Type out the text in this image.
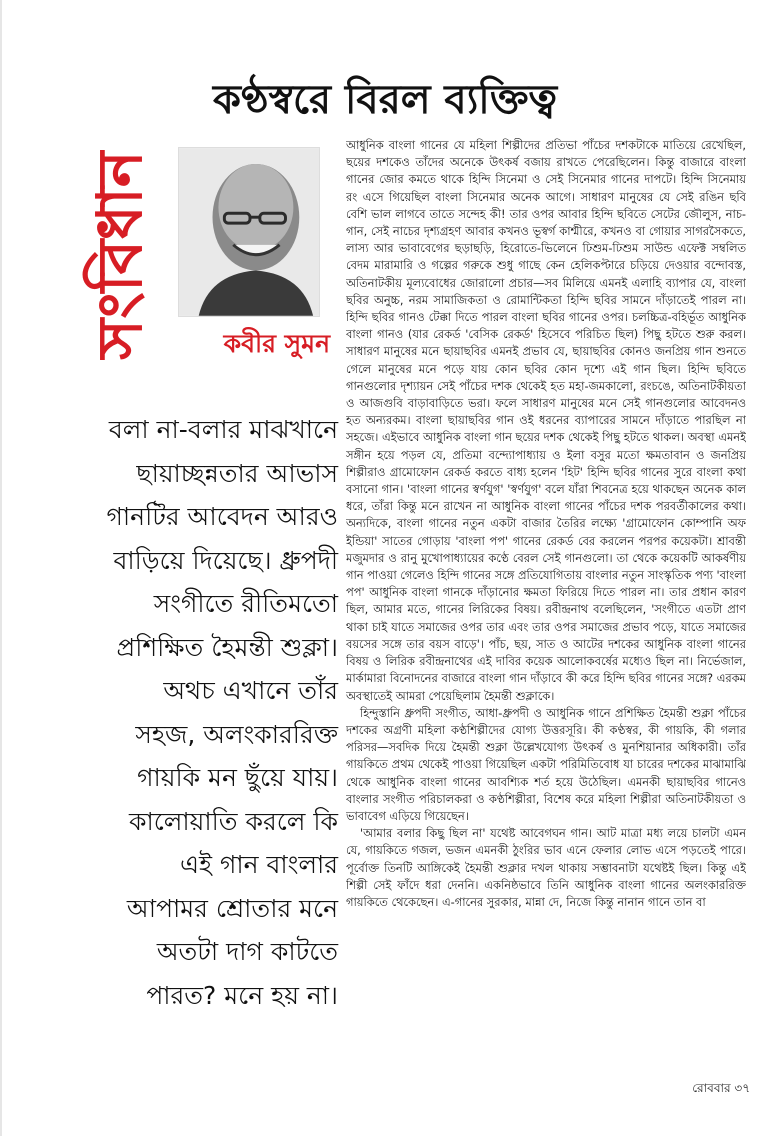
কণ্ঠস্বরে বিরল ব্যক্তিত্ব
সংবিধান	কবীর সুমন

বলা না-বলার মাঝখানে

ছায়াচ্ছন্নতার আভাস

গানটির আবেদন আরও

বাড়িয়ে দিয়েছে। ধ্রুপদী

সংগীতে রীতিমতো

প্রশিক্ষিত হৈমন্তী শুক্লা।

অথচ এখানে তাঁর

সহজ, অলংকাররিক্ত

গায়কি মন ছুঁয়ে যায়।

কালোয়াতি করলে কি

এই গান বাংলার

আপামর শ্রোতার মনে

অতটা দাগ কাটতে

পারত? মনে হয় না।

আধুনিক বাংলা গানের যে মহিলা শিল্পীদের প্রতিভা পাঁচের দশকটাকে মাতিয়ে রেখেছিল, ছয়ের দশকেও তাঁদের অনেকে উৎকর্ষ বজায় রাখতে পেরেছিলেন। কিন্তু বাজারে বাংলা গানের জোর কমতে থাকে হিন্দি সিনেমা ও সেই সিনেমার গানের দাপটে। হিন্দি সিনেমায় রং এসে গিয়েছিল বাংলা সিনেমার অনেক আগে। সাধারণ মানুষের যে সেই রঙিন ছবি বেশি ভাল লাগবে তাতে সন্দেহ কী! তার ওপর আবার হিন্দি ছবিতে সেটের জৌলুস, নাচ-গান, সেই নাচের দৃশ্যগ্রহণ আবার কখনও ভূস্বর্গ কাশ্মীরে, কখনও বা গোয়ার সাগরসৈকতে, লাস্য আর ভাবাবেগের ছড়াছড়ি, হিরোতে-ভিলেনে ঢিশুম-ঢিশুম সাউন্ড এফেক্ট সম্বলিত বেদম মারামারি ও গল্পের গরুকে শুধু গাছে কেন হেলিকপ্টারে চড়িয়ে দেওয়ার বন্দোবস্ত, অতিনাটকীয় মূল্যবোধের জোরালো প্রচার—সব মিলিয়ে এমনই এলাহি ব্যাপার যে, বাংলা ছবির অনুচ্চ, নরম সামাজিকতা ও রোমান্টিকতা হিন্দি ছবির সামনে দাঁড়াতেই পারল না। হিন্দি ছবির গানও টেক্কা দিতে পারল বাংলা ছবির গানের ওপর। চলচ্চিত্র-বহির্ভূত আধুনিক বাংলা গানও (যার রেকর্ড 'বেসিক রেকর্ড' হিসেবে পরিচিত ছিল) পিছু হটতে শুরু করল। সাধারণ মানুষের মনে ছায়াছবির এমনই প্রভাব যে, ছায়াছবির কোনও জনপ্রিয় গান শুনতে গেলে মানুষের মনে পড়ে যায় কোন ছবির কোন দৃশ্যে এই গান ছিল। হিন্দি ছবিতে গানগুলোর দৃশ্যায়ন সেই পাঁচের দশক থেকেই হত মহা-জমকালো, রংচঙে, অতিনাটকীয়তা ও আজগুবি বাড়াবাড়িতে ভরা। ফলে সাধারণ মানুষের মনে সেই গানগুলোর আবেদনও হত অন্যরকম। বাংলা ছায়াছবির গান ওই ধরনের ব্যাপারের সামনে দাঁড়াতে পারছিল না সহজে। এইভাবে আধুনিক বাংলা গান ছয়ের দশক থেকেই পিছু হটতে থাকল। অবস্থা এমনই সঙ্গীন হয়ে পড়ল যে, প্রতিমা বন্দ্যোপাধ্যায় ও ইলা বসুর মতো ক্ষমতাবান ও জনপ্রিয় শিল্পীরাও গ্রামোফোন রেকর্ড করতে বাধ্য হলেন 'হিট' হিন্দি ছবির গানের সুরে বাংলা কথা বসানো গান। 'বাংলা গানের স্বর্ণযুগ' 'স্বর্ণযুগ' বলে যাঁরা শিবনেত্র হয়ে থাকছেন অনেক কাল ধরে, তাঁরা কিন্তু মনে রাখেন না আধুনিক বাংলা গানের পাঁচের দশক পরবর্তীকালের কথা। অন্যদিকে, বাংলা গানের নতুন একটা বাজার তৈরির লক্ষ্যে 'গ্রামোফোন কোম্পানি অফ ইন্ডিয়া' সাতের গোড়ায় 'বাংলা পপ' গানের রেকর্ড বের করলেন পরপর কয়েকটা। শ্রাবন্তী মজুমদার ও রানু মুখোপাধ্যায়ের কণ্ঠে বেরল সেই গানগুলো। তা থেকে কয়েকটি আকর্ষণীয় গান পাওয়া গেলেও হিন্দি গানের সঙ্গে প্রতিযোগিতায় বাংলার নতুন সাংস্কৃতিক পণ্য 'বাংলা পপ' আধুনিক বাংলা গানকে দাঁড়ানোর ক্ষমতা ফিরিয়ে দিতে পারল না। তার প্রধান কারণ ছিল, আমার মতে, গানের লিরিকের বিষয়। রবীন্দ্রনাথ বলেছিলেন, 'সংগীতে এতটা প্রাণ থাকা চাই যাতে সমাজের ওপর তার এবং তার ওপর সমাজের প্রভাব পড়ে, যাতে সমাজের বয়সের সঙ্গে তার বয়স বাড়ে'। পাঁচ, ছয়, সাত ও আটের দশকের আধুনিক বাংলা গানের বিষয় ও লিরিক রবীন্দ্রনাথের এই দাবির কয়েক আলোকবর্ষের মধ্যেও ছিল না। নির্ভেজাল, মার্কামারা বিনোদনের বাজারে বাংলা গান দাঁড়াবে কী করে হিন্দি ছবির গানের সঙ্গে? এরকম অবস্থাতেই আমরা পেয়েছিলাম হৈমন্তী শুক্লাকে।

হিন্দুস্তানি ধ্রুপদী সংগীত, আধা-ধ্রুপদী ও আধুনিক গানে প্রশিক্ষিত হৈমন্তী শুক্লা পাঁচের দশকের অগ্রণী মহিলা কণ্ঠশিল্পীদের যোগ্য উত্তরসূরি। কী কণ্ঠস্বর, কী গায়কি, কী গলার পরিসর—সবদিক দিয়ে হৈমন্তী শুক্লা উল্লেখযোগ্য উৎকর্ষ ও মুনশিয়ানার অধিকারী। তাঁর গায়কিতে প্রথম থেকেই পাওয়া গিয়েছিল একটা পরিমিতিবোধ যা চারের দশকের মাঝামাঝি থেকে আধুনিক বাংলা গানের আবশ্যিক শর্ত হয়ে উঠেছিল। এমনকী ছায়াছবির গানেও বাংলার সংগীত পরিচালকরা ও কণ্ঠশিল্পীরা, বিশেষ করে মহিলা শিল্পীরা অতিনাটকীয়তা ও ভাবাবেগ এড়িয়ে গিয়েছেন।

'আমার বলার কিছু ছিল না' যথেষ্ট আবেগঘন গান। আট মাত্রা মধ্য লয়ে চালটা এমন যে, গায়কিতে গজল, ভজন এমনকী ঠুংরির ভাব এনে ফেলার লোভ এসে পড়তেই পারে। পূর্বোক্ত তিনটি আঙ্গিকেই হৈমন্তী শুক্লার দখল থাকায় সম্ভাবনাটা যথেষ্টই ছিল। কিন্তু এই শিল্পী সেই ফাঁদে ধরা দেননি। একনিষ্ঠভাবে তিনি আধুনিক বাংলা গানের অলংকাররিক্ত গায়কিতে থেকেছেন। এ-গানের সুরকার, মান্না দে, নিজে কিন্তু নানান গানে তান বা

রোববার ৩৭
